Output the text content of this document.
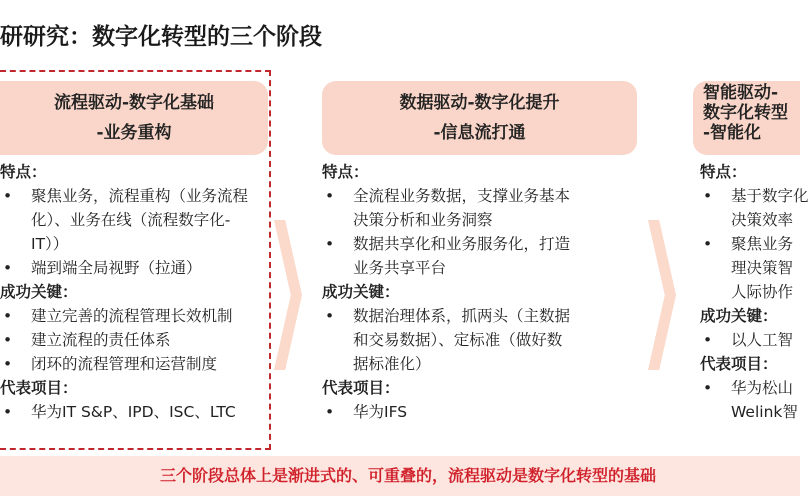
研研究：数字化转型的三个阶段
流程驱动-数字化基础
-业务重构
数据驱动-数字化提升
-信息流打通
智能驱动-数字化转型
-智能化
特点：
• 聚焦业务，流程重构（业务流程
化）、业务在线（流程数字化-
IT））
• 端到端全局视野（拉通）
成功关键：
• 建立完善的流程管理长效机制
• 建立流程的责任体系
• 闭环的流程管理和运营制度
代表项目：
• 华为IT S&P、IPD、ISC、LTC
特点：
• 全流程业务数据，支撑业务基本
决策分析和业务洞察
• 数据共享化和业务服务化，打造
业务共享平台
成功关键：
• 数据治理体系，抓两头（主数据
和交易数据）、定标准（做好数
据标准化）
代表项目：
• 华为IFS
特点：
• 基于数字化
决策效率
• 聚焦业务
理决策智
人际协作
成功关键：
• 以人工智
代表项目：
• 华为松山
Welink智
三个阶段总体上是渐进式的、可重叠的，流程驱动是数字化转型的基础
